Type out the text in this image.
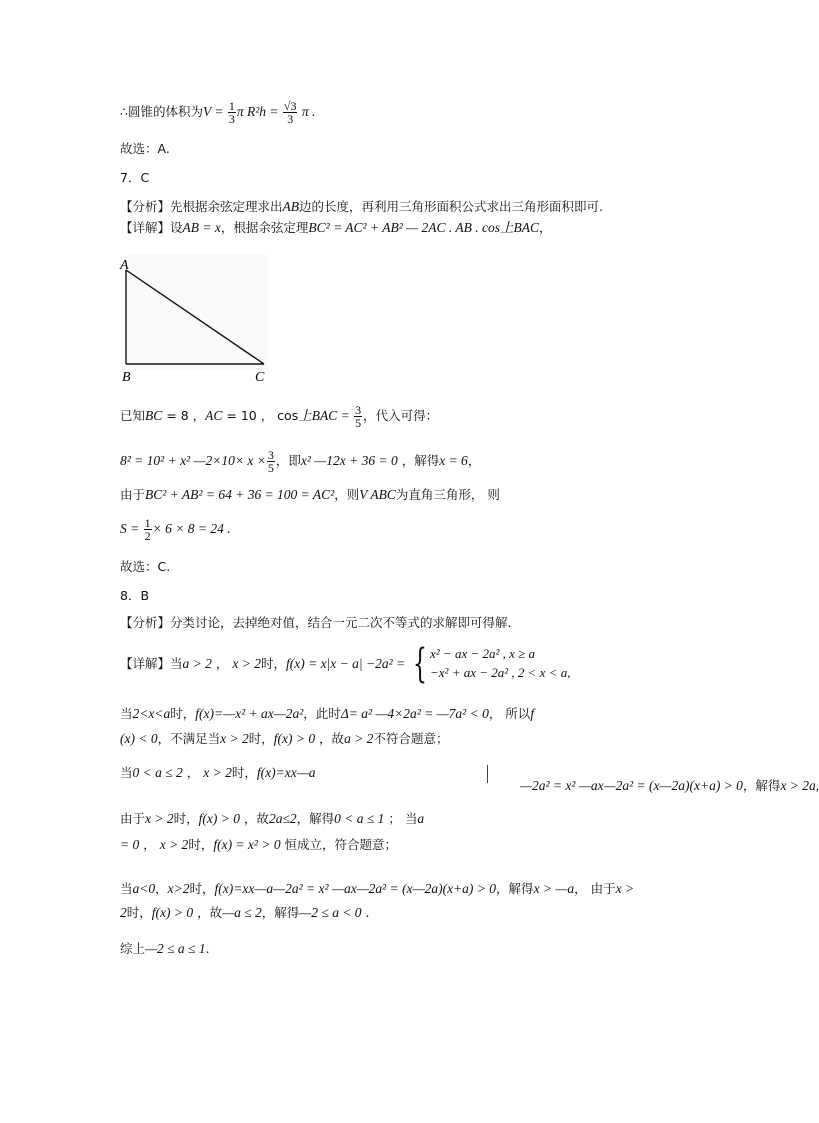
∴圆锥的体积为$V = \frac{1}{3}$ π $R^2h = \frac{√3}{3}$ π .
故选：A.
7．C
【分析】先根据余弦定理求出AB边的长度，再利用三角形面积公式求出三角形面积即可.
【详解】设AB = x，根据余弦定理BC² = AC² + AB² — 2AC . AB . cos上BAC，
A
B	C
已知BC = 8 ，AC = 10 ， cos上BAC = $\frac{3}{5}$ ，代入可得：
8² = 10² + x² —2×10× $x \times \frac{3}{5}$ ，即x² —12x + 36 = 0 ，解得x = 6，
由于BC² + AB² = 64 + 36 = 100 = AC²，则V ABC为直角三角形， 则
$S = \frac{1}{2} \times 6 \times 8 = 24$ .
故选：C.
8．B
【分析】分类讨论，去掉绝对值，结合一元二次不等式的求解即可得解.
【详解】当a > 2 ， x > 2时，f(x) = x|x − a| −2a² = { x² − ax − 2a² , x ≥ a
−x² + ax − 2a² , 2 < x < a,
当2<x<a时，f(x)=—x² + ax—2a²，此时Δ= a² —4×2a² = —7a² < 0， 所以f
(x) < 0，不满足当x > 2时，f(x) > 0 ，故a > 2不符合题意；
当0 < a ≤ 2 ， x > 2时，f(x)=xx—a
—2a² = x² —ax—2a² = (x—2a)(x+a) > 0，解得x > 2a,
由于x > 2时，f(x) > 0 ，故2a≤2，解得0 < a ≤ 1 ； 当a
= 0 ， x > 2时，f(x) = x² > 0 恒成立，符合题意；
当a<0，x>2时，f(x)=xx—a—2a² = x² —ax—2a² = (x—2a)(x+a) > 0，解得x > —a， 由于x >
2时，f(x) > 0 ，故—a ≤ 2，解得—2 ≤ a < 0 .
综上—2 ≤ a ≤ 1.
